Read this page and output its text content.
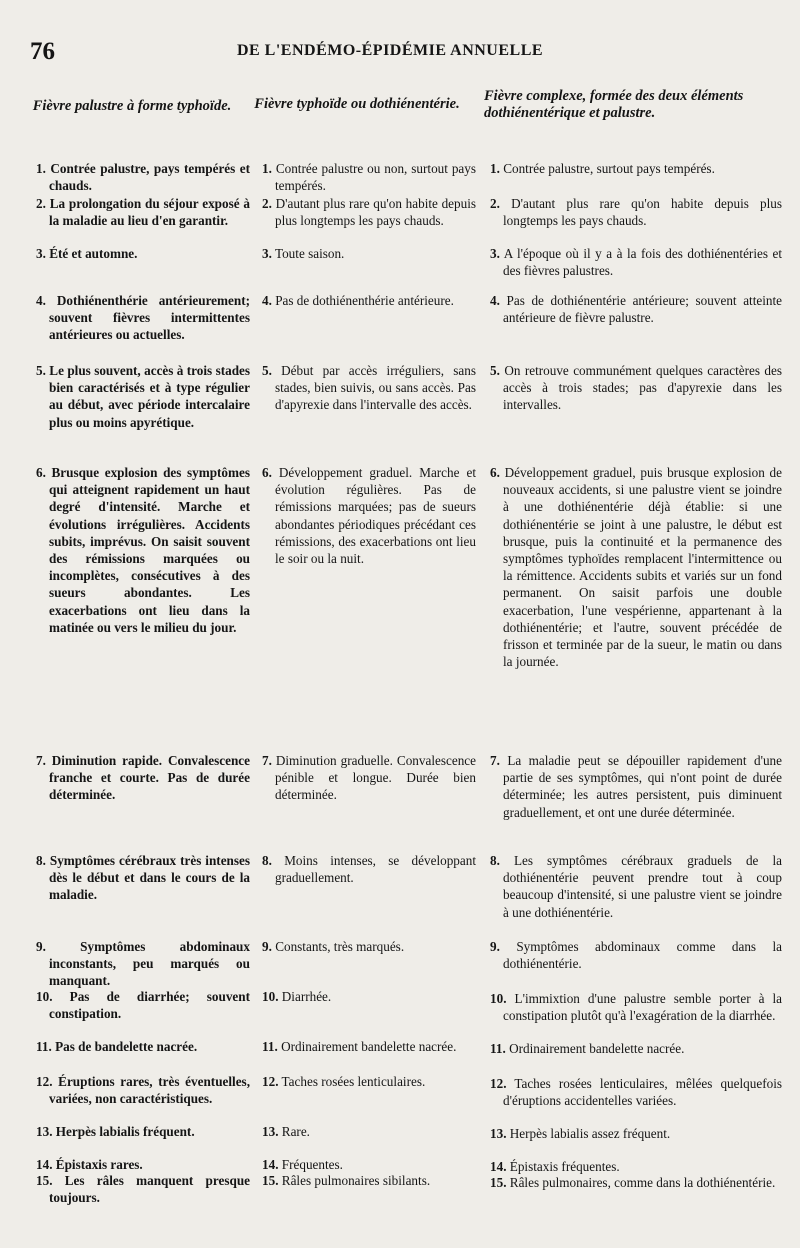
76	DE L'ENDÉMO-ÉPIDÉMIE ANNUELLE
Fièvre palustre à forme typhoïde. Fièvre typhoïde ou dothiénentérie. Fièvre complexe, formée des deux éléments dothiénentérique et palustre.
1. Contrée palustre, pays tempérés et chauds.
2. La prolongation du séjour exposé à la maladie au lieu d'en garantir.
3. Été et automne.
4. Dothiénenthérie antérieurement; souvent fièvres intermittentes antérieures ou actuelles.
5. Le plus souvent, accès à trois stades bien caractérisés et à type régulier au début, avec période intercalaire plus ou moins apyrétique.
6. Brusque explosion des symptômes qui atteignent rapidement un haut degré d'intensité. Marche et évolutions irrégulières. Accidents subits, imprévus. On saisit souvent des rémissions marquées ou incomplètes, consécutives à des sueurs abondantes. Les exacerbations ont lieu dans la matinée ou vers le milieu du jour.
7. Diminution rapide. Convalescence franche et courte. Pas de durée déterminée.
8. Symptômes cérébraux très intenses dès le début et dans le cours de la maladie.
9.	Symptômes abdominaux inconstants, peu marqués ou manquant.
10. Pas de diarrhée; souvent constipation.
11. Pas de bandelette nacrée.
12. Éruptions rares, très éventuelles, variées, non caractéristiques.
13. Herpès labialis fréquent.
14. Épistaxis rares.
15. Les râles manquent presque toujours.
1. Contrée palustre ou non, surtout pays tempérés.
2. D'autant plus rare qu'on habite depuis plus longtemps les pays chauds.
3. Toute saison.
4. Pas de dothiénenthérie antérieure.
5. Début par accès irréguliers, sans stades, bien suivis, ou sans accès. Pas d'apyrexie dans l'intervalle des accès.
6. Développement graduel. Marche et évolution régulières. Pas de rémissions marquées; pas de sueurs abondantes périodiques précédant ces rémissions, des exacerbations ont lieu le soir ou la nuit.
7. Diminution graduelle. Convalescence pénible et longue. Durée bien déterminée.
8. Moins intenses, se développant graduellement.
9. Constants, très marqués.
10. Diarrhée.
11. Ordinairement bandelette nacrée.
12. Taches rosées lenticulaires.
13. Rare.
14. Fréquentes.
15. Râles pulmonaires sibilants.
1. Contrée palustre, surtout pays tempérés.
2. D'autant plus rare qu'on habite depuis plus longtemps les pays chauds.
3. A l'époque où il y a à la fois des dothiénentéries et des fièvres palustres.
4. Pas de dothiénentérie antérieure; souvent atteinte antérieure de fièvre palustre.
5. On retrouve communément quelques caractères des accès à trois stades; pas d'apyrexie dans les intervalles.
6. Développement graduel, puis brusque explosion de nouveaux accidents, si une palustre vient se joindre à une dothiénentérie déjà établie: si une dothiénentérie se joint à une palustre, le début est brusque, puis la continuité et la permanence des symptômes typhoïdes remplacent l'intermittence ou la rémittence. Accidents subits et variés sur un fond permanent. On saisit parfois une double exacerbation, l'une vespérienne, appartenant à la dothiénentérie; et l'autre, souvent précédée de frisson et terminée par de la sueur, le matin ou dans la journée.
7. La maladie peut se dépouiller rapidement d'une partie de ses symptômes, qui n'ont point de durée déterminée; les autres persistent, puis diminuent graduellement, et ont une durée déterminée.
8. Les symptômes cérébraux graduels de la dothiénentérie peuvent prendre tout à coup beaucoup d'intensité, si une palustre vient se joindre à une dothiénentérie.
9. Symptômes abdominaux comme dans la dothiénentérie.
10. L'immixtion d'une palustre semble porter à la constipation plutôt qu'à l'exagération de la diarrhée.
11. Ordinairement bandelette nacrée.
12. Taches rosées lenticulaires, mêlées quelquefois d'éruptions accidentelles variées.
13. Herpès labialis assez fréquent.
14. Épistaxis fréquentes.
15. Râles pulmonaires, comme dans la dothiénentérie.
